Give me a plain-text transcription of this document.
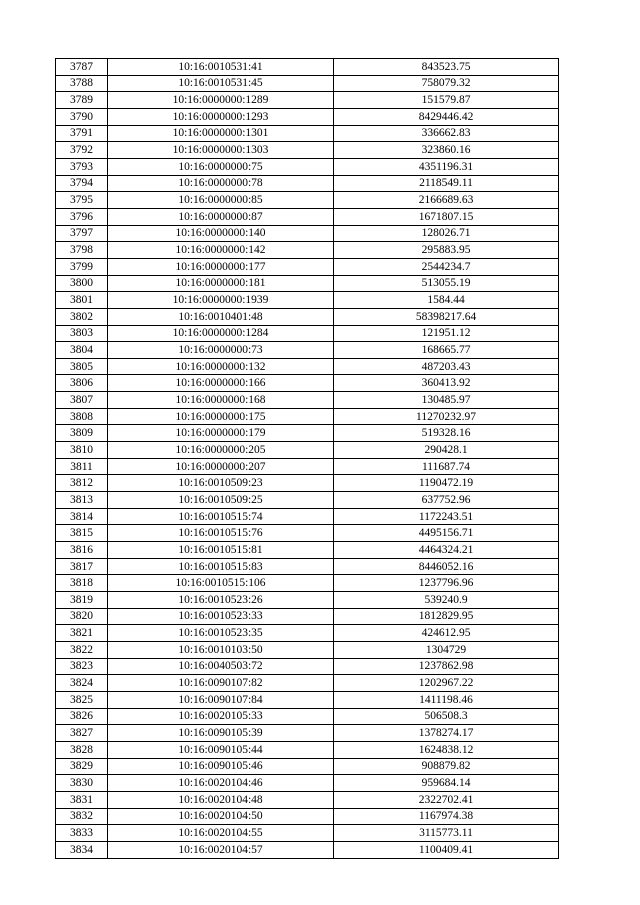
3787	10:16:0010531:41	843523.75
3788	10:16:0010531:45	758079.32
3789	10:16:0000000:1289	151579.87
3790	10:16:0000000:1293	8429446.42
3791	10:16:0000000:1301	336662.83
3792	10:16:0000000:1303	323860.16
3793	10:16:0000000:75	4351196.31
3794	10:16:0000000:78	2118549.11
3795	10:16:0000000:85	2166689.63
3796	10:16:0000000:87	1671807.15
3797	10:16:0000000:140	128026.71
3798	10:16:0000000:142	295883.95
3799	10:16:0000000:177	2544234.7
3800	10:16:0000000:181	513055.19
3801	10:16:0000000:1939	1584.44
3802	10:16:0010401:48	58398217.64
3803	10:16:0000000:1284	121951.12
3804	10:16:0000000:73	168665.77
3805	10:16:0000000:132	487203.43
3806	10:16:0000000:166	360413.92
3807	10:16:0000000:168	130485.97
3808	10:16:0000000:175	11270232.97
3809	10:16:0000000:179	519328.16
3810	10:16:0000000:205	290428.1
3811	10:16:0000000:207	111687.74
3812	10:16:0010509:23	1190472.19
3813	10:16:0010509:25	637752.96
3814	10:16:0010515:74	1172243.51
3815	10:16:0010515:76	4495156.71
3816	10:16:0010515:81	4464324.21
3817	10:16:0010515:83	8446052.16
3818	10:16:0010515:106	1237796.96
3819	10:16:0010523:26	539240.9
3820	10:16:0010523:33	1812829.95
3821	10:16:0010523:35	424612.95
3822	10:16:0010103:50	1304729
3823	10:16:0040503:72	1237862.98
3824	10:16:0090107:82	1202967.22
3825	10:16:0090107:84	1411198.46
3826	10:16:0020105:33	506508.3
3827	10:16:0090105:39	1378274.17
3828	10:16:0090105:44	1624838.12
3829	10:16:0090105:46	908879.82
3830	10:16:0020104:46	959684.14
3831	10:16:0020104:48	2322702.41
3832	10:16:0020104:50	1167974.38
3833	10:16:0020104:55	3115773.11
3834	10:16:0020104:57	1100409.41
